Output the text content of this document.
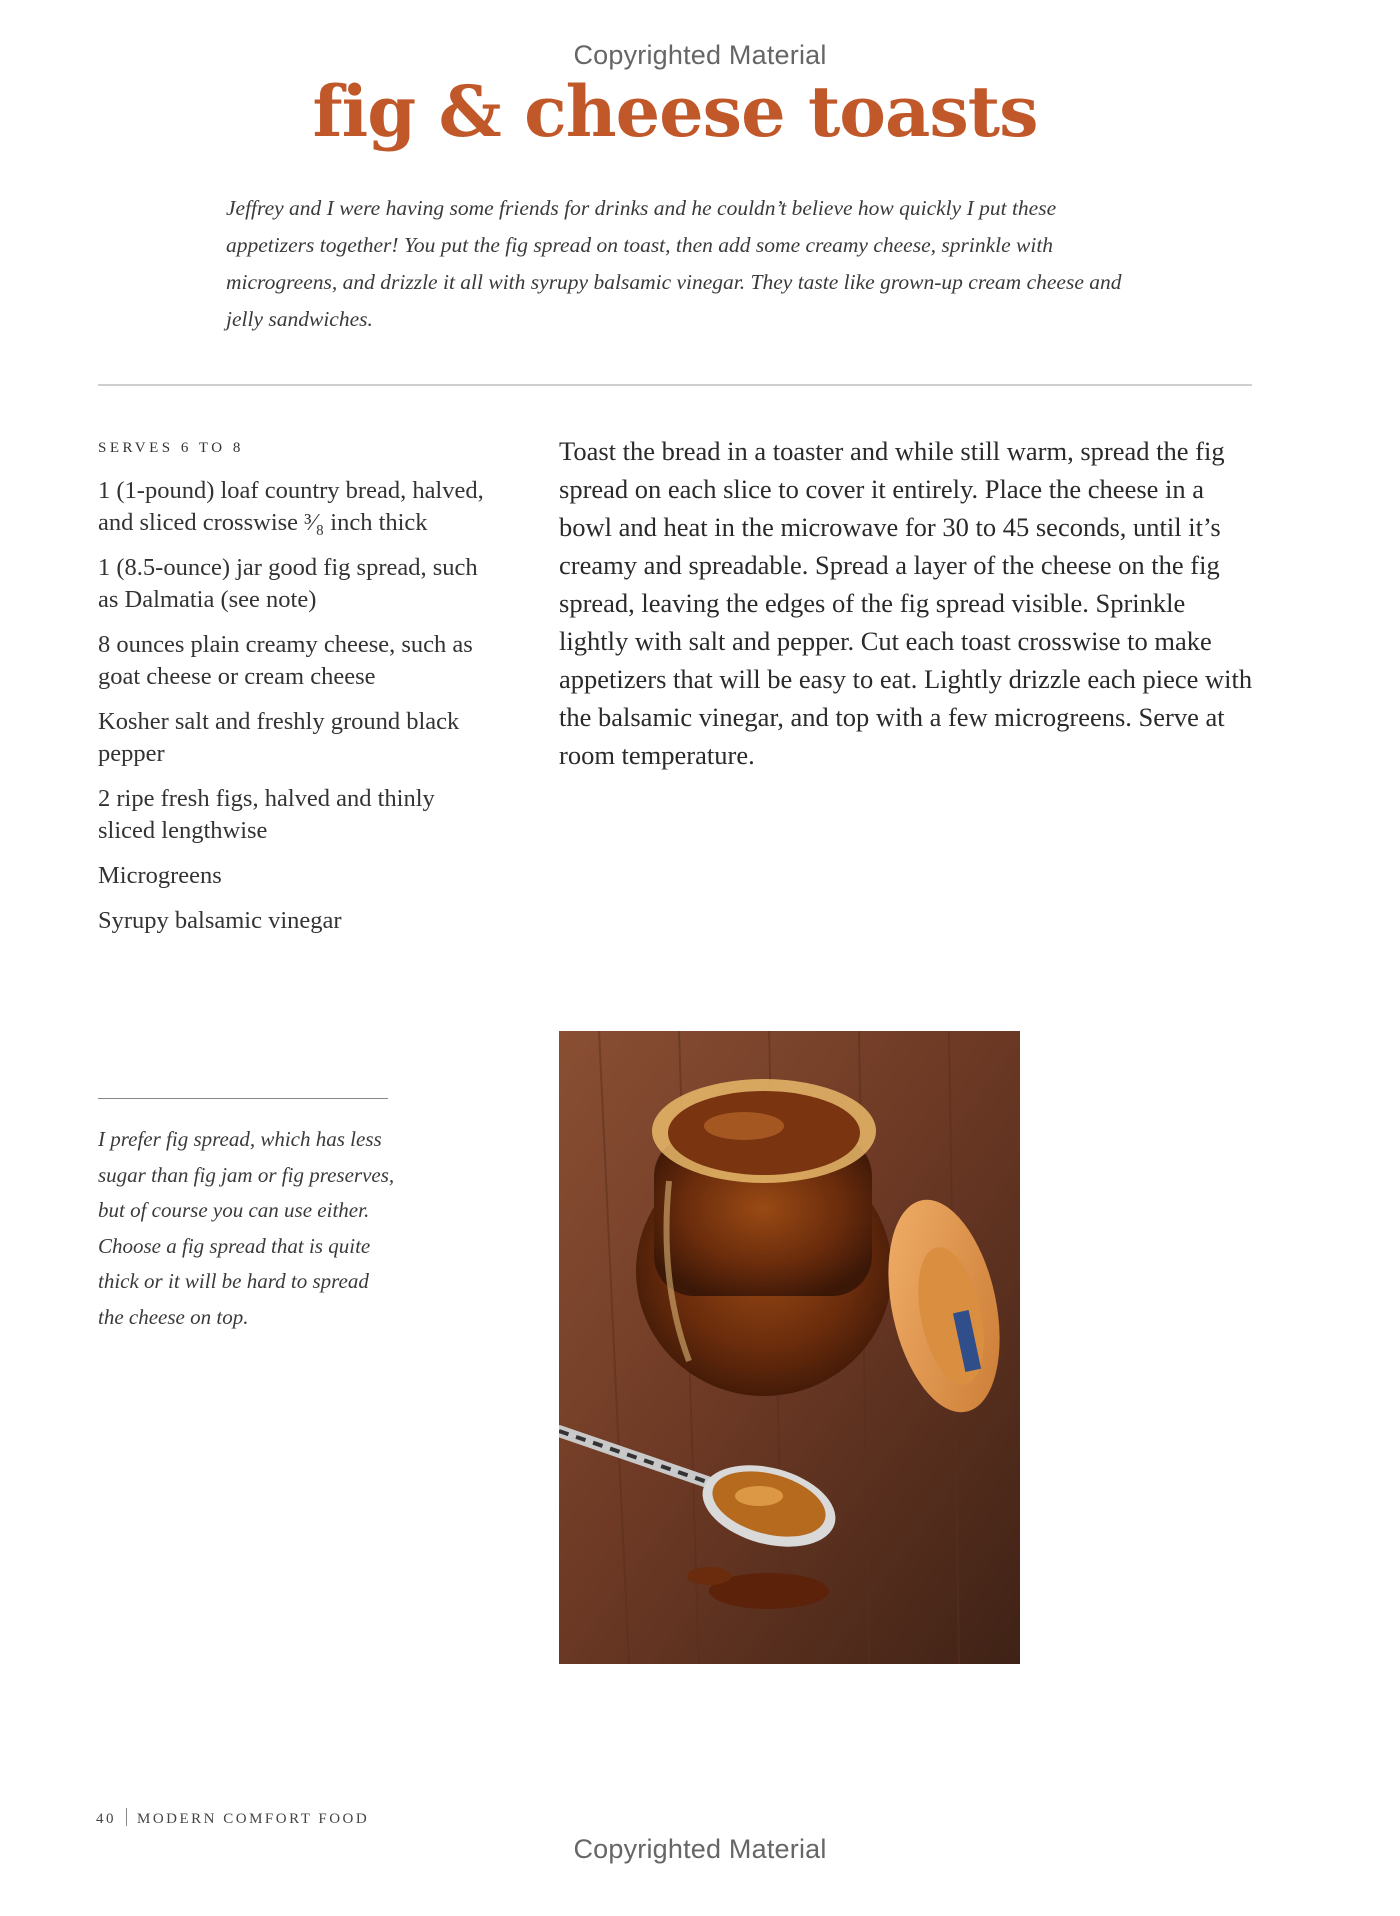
Copyrighted Material
fig & cheese toasts

Jeffrey and I were having some friends for drinks and he couldn’t believe how quickly I put these appetizers together! You put the fig spread on toast, then add some creamy cheese, sprinkle with microgreens, and drizzle it all with syrupy balsamic vinegar. They taste like grown-up cream cheese and jelly sandwiches.

SERVES 6 TO 8
1 (1-pound) loaf country bread, halved, and sliced crosswise ³⁄₈ inch thick
1 (8.5-ounce) jar good fig spread, such as Dalmatia (see note)
8 ounces plain creamy cheese, such as goat cheese or cream cheese
Kosher salt and freshly ground black pepper
2 ripe fresh figs, halved and thinly sliced lengthwise
Microgreens
Syrupy balsamic vinegar

Toast the bread in a toaster and while still warm, spread the fig spread on each slice to cover it entirely. Place the cheese in a bowl and heat in the microwave for 30 to 45 seconds, until it’s creamy and spreadable. Spread a layer of the cheese on the fig spread, leaving the edges of the fig spread visible. Sprinkle lightly with salt and pepper. Cut each toast crosswise to make appetizers that will be easy to eat. Lightly drizzle each piece with the balsamic vinegar, and top with a few microgreens. Serve at room temperature.

I prefer fig spread, which has less sugar than fig jam or fig preserves, but of course you can use either. Choose a fig spread that is quite thick or it will be hard to spread the cheese on top.

40 MODERN COMFORT FOOD
Copyrighted Material
